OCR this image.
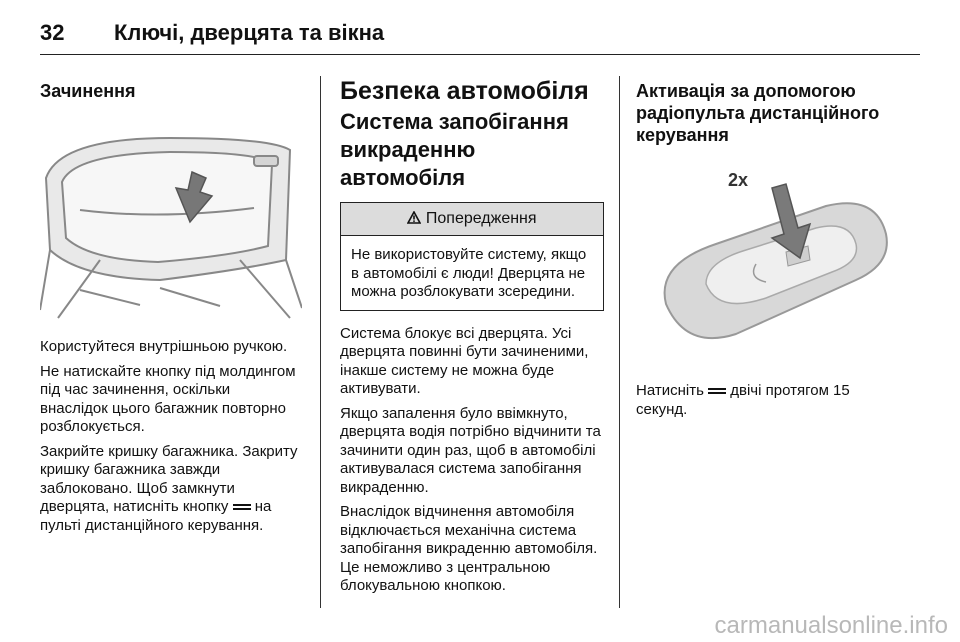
32 Ключі, дверцята та вікна
Зачинення

Користуйтеся внутрішньою ручкою.

Не натискайте кнопку під молдингом під час зачинення, оскільки внаслідок цього багажник повторно розблокується.

Закрийте кришку багажника. Закриту кришку багажника завжди заблоковано. Щоб замкнути дверцята, натисніть кнопку на пульті дистанційного керування.

Безпека автомобіля
Система запобігання викраденню автомобіля
Попередження
Не використовуйте систему, якщо в автомобілі є люди! Дверцята не можна розблокувати зсередини.

Система блокує всі дверцята. Усі дверцята повинні бути зачиненими, інакше систему не можна буде активувати.

Якщо запалення було ввімкнуто, дверцята водія потрібно відчинити та зачинити один раз, щоб в автомобілі активувалася система запобігання викраденню.

Внаслідок відчинення автомобіля відключається механічна система запобігання викраденню автомобіля. Це неможливо з центральною блокувальною кнопкою.

Активація за допомогою радіопульта дистанційного керування
2x

Натисніть двічі протягом 15 секунд.

carmanualsonline.info
